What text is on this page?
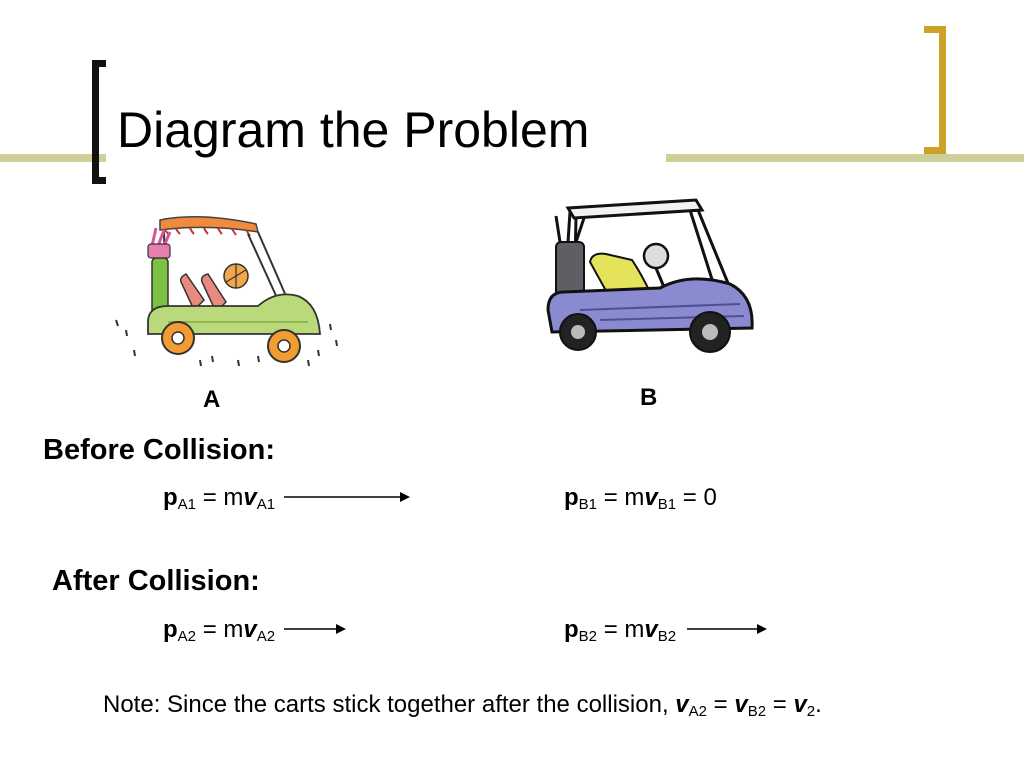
Diagram the Problem
A	B
Before Collision:
$p_{A1} = mv_{A1}$	$p_{B1} = mv_{B1} = 0$
After Collision:
$p_{A2} = mv_{A2}$	$p_{B2} = mv_{B2}$
Note: Since the carts stick together after the collision, $v_{A2} = v_{B2} = v_2$.
